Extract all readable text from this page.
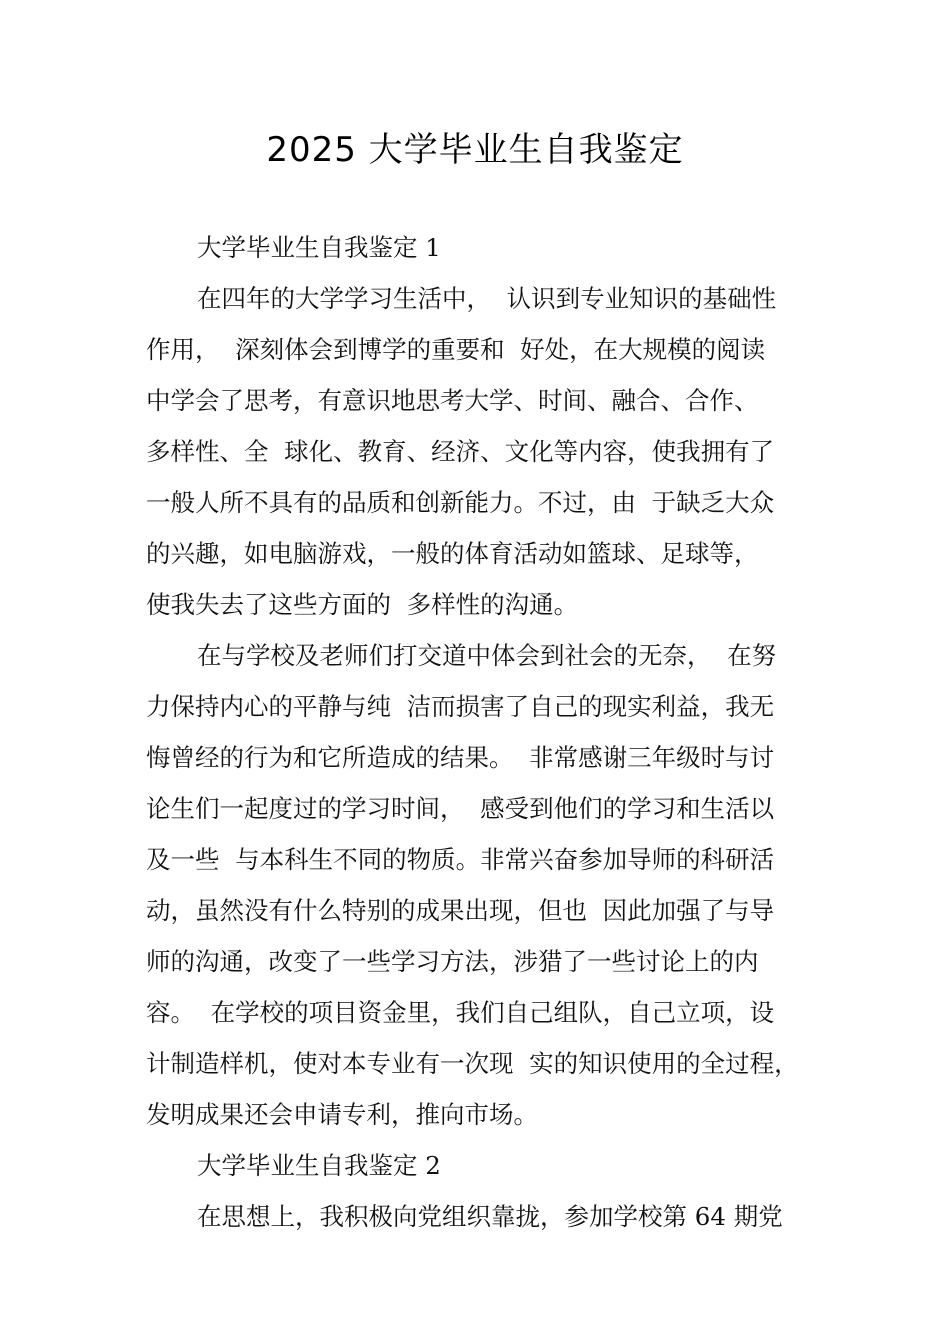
2025 大学毕业生自我鉴定
大学毕业生自我鉴定 1
在四年的大学学习生活中，  认识到专业知识的基础性
作用，  深刻体会到博学的重要和  好处，在大规模的阅读
中学会了思考，有意识地思考大学、时间、融合、合作、
多样性、全  球化、教育、经济、文化等内容，使我拥有了
一般人所不具有的品质和创新能力。不过，由  于缺乏大众
的兴趣，如电脑游戏，一般的体育活动如篮球、足球等，
使我失去了这些方面的  多样性的沟通。
在与学校及老师们打交道中体会到社会的无奈，  在努
力保持内心的平静与纯  洁而损害了自己的现实利益，我无
悔曾经的行为和它所造成的结果。  非常感谢三年级时与讨
论生们一起度过的学习时间，  感受到他们的学习和生活以
及一些  与本科生不同的物质。非常兴奋参加导师的科研活
动，虽然没有什么特别的成果出现，但也  因此加强了与导
师的沟通，改变了一些学习方法，涉猎了一些讨论上的内
容。  在学校的项目资金里，我们自己组队，自己立项，设
计制造样机，使对本专业有一次现  实的知识使用的全过程，
发明成果还会申请专利，推向市场。
大学毕业生自我鉴定 2
在思想上，我积极向党组织靠拢，参加学校第 64 期党
